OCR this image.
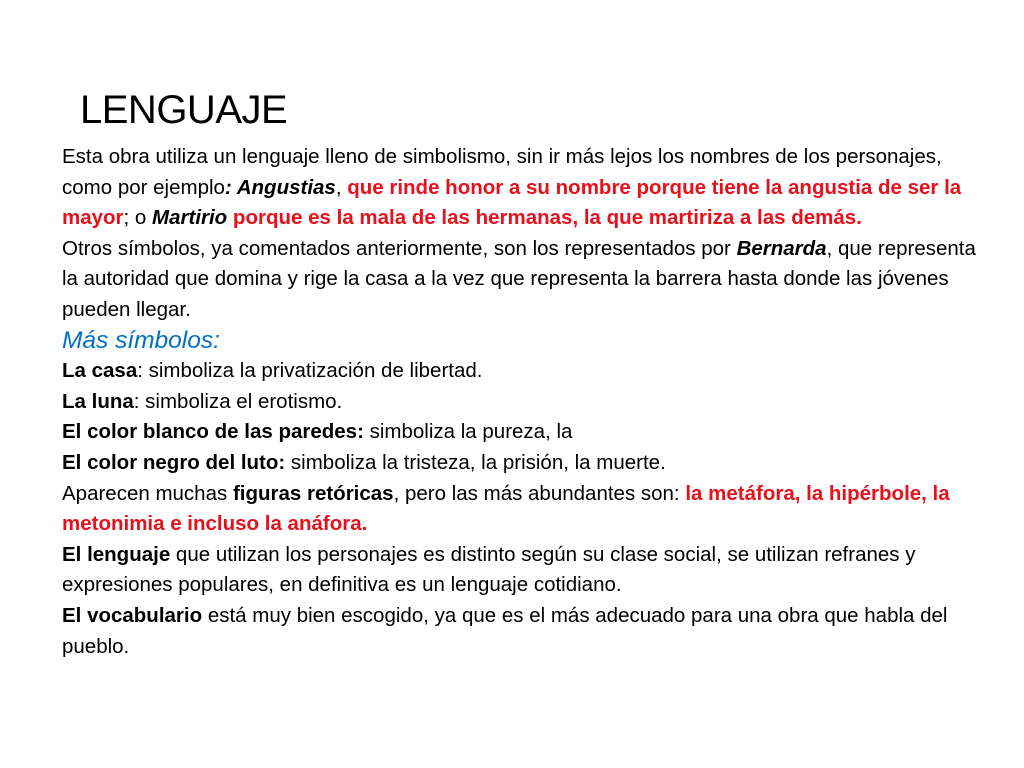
LENGUAJE

Esta obra utiliza un lenguaje lleno de simbolismo, sin ir más lejos los nombres de los personajes, como por ejemplo: Angustias, que rinde honor a su nombre porque tiene la angustia de ser la mayor; o Martirio porque es la mala de las hermanas, la que martiriza a las demás.

Otros símbolos, ya comentados anteriormente, son los representados por Bernarda, que representa la autoridad que domina y rige la casa a la vez que representa la barrera hasta donde las jóvenes pueden llegar.

Más símbolos:

La casa: simboliza la privatización de libertad.

La luna: simboliza el erotismo.

El color blanco de las paredes: simboliza la pureza, la

El color negro del luto: simboliza la tristeza, la prisión, la muerte.

Aparecen muchas figuras retóricas, pero las más abundantes son: la metáfora, la hipérbole, la metonimia e incluso la anáfora.

El lenguaje que utilizan los personajes es distinto según su clase social, se utilizan refranes y expresiones populares, en definitiva es un lenguaje cotidiano.

El vocabulario está muy bien escogido, ya que es el más adecuado para una obra que habla del pueblo.
